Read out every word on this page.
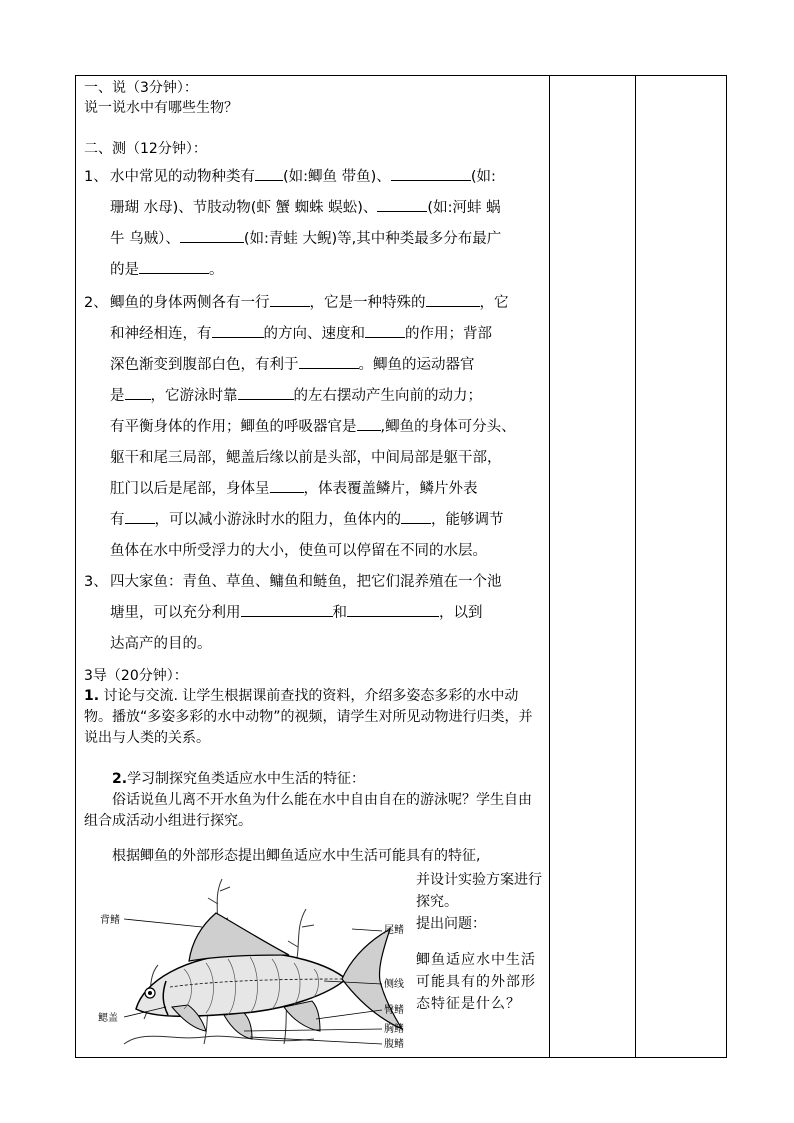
一、说（3分钟）：

说一说水中有哪些生物？

二、测（12分钟）：

1、 水中常见的动物种类有 (如:鲫鱼 带鱼)、	(如:

珊瑚 水母)、节肢动物(虾 蟹 蜘蛛 蜈蚣)、	(如:河蚌 蜗

牛 乌贼）、	(如:青蛙 大鲵)等,其中种类最多分布最广

的是	。

2、 鲫鱼的身体两侧各有一行	，它是一种特殊的	，它

和神经相连，有	的方向、速度和	的作用；背部

深色渐变到腹部白色，有利于	。鲫鱼的运动器官

是 ，它游泳时靠	的左右摆动产生向前的动力；

有平衡身体的作用；鲫鱼的呼吸器官是 ,鲫鱼的身体可分头、

躯干和尾三局部，鳃盖后缘以前是头部，中间局部是躯干部，

肛门以后是尾部，身体呈 ，体表覆盖鳞片，鳞片外表

有 ，可以减小游泳时水的阻力，鱼体内的 ，能够调节

鱼体在水中所受浮力的大小，使鱼可以停留在不同的水层。

3、 四大家鱼：青鱼、草鱼、鳙鱼和鲢鱼，把它们混养殖在一个池

塘里，可以充分利用	和	，以到

达高产的目的。

3导（20分钟）：

1. 讨论与交流. 让学生根据课前查找的资料，介绍多姿态多彩的水中动物。播放“多姿多彩的水中动物”的视频，请学生对所见动物进行归类，并说出与人类的关系。

2.学习制探究鱼类适应水中生活的特征：

俗话说鱼儿离不开水鱼为什么能在水中自由自在的游泳呢？学生自由组合成活动小组进行探究。

根据鲫鱼的外部形态提出鲫鱼适应水中生活可能具有的特征,

背鳍
鳃盖
尾鳍
侧线
臀鳍
胸鳍
腹鳍

并设计实验方案进行探究。

提出问题：

鲫鱼适应水中生活可能具有的外部形态特征是什么？
